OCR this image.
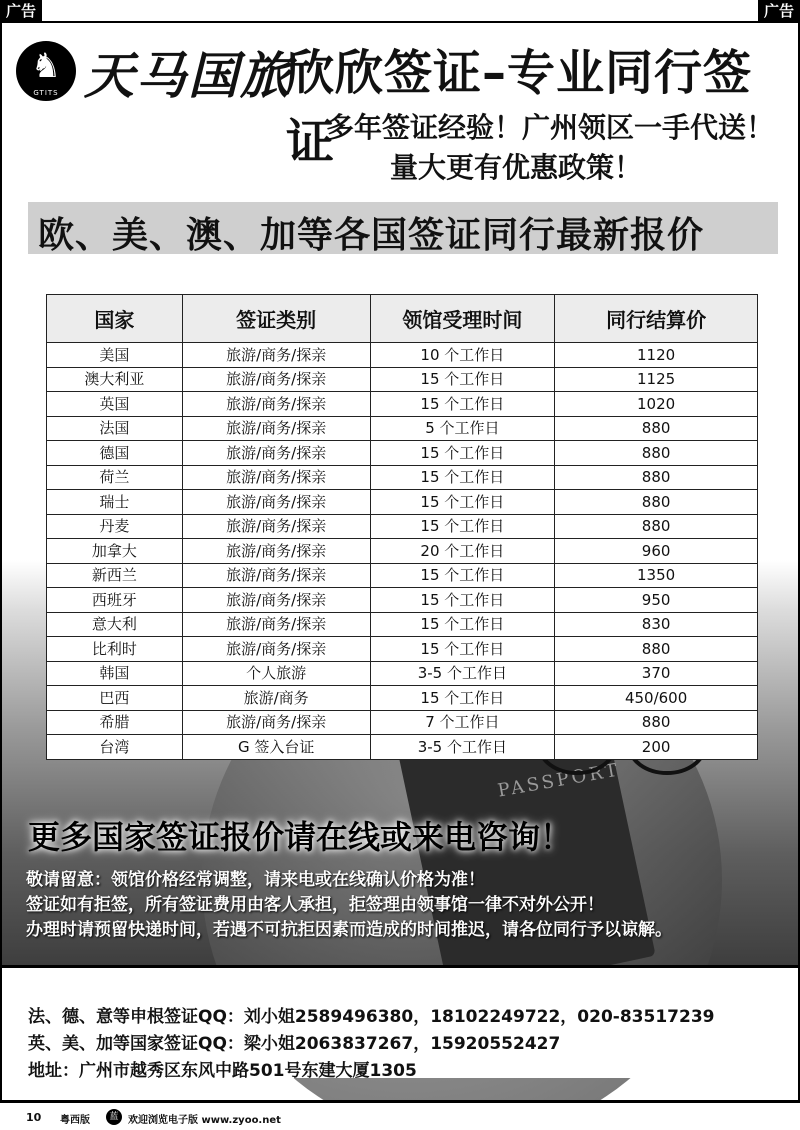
广告	广告
PASSPORT
♞
GTITS 天马国旅
欣欣签证–专业同行签证
多年签证经验！广州领区一手代送！
量大更有优惠政策！
欧、美、澳、加等各国签证同行最新报价
国家	签证类别	领馆受理时间	同行结算价
美国	旅游/商务/探亲	10 个工作日	1120
澳大利亚	旅游/商务/探亲	15 个工作日	1125
英国	旅游/商务/探亲	15 个工作日	1020
法国	旅游/商务/探亲	5 个工作日	880
德国	旅游/商务/探亲	15 个工作日	880
荷兰	旅游/商务/探亲	15 个工作日	880
瑞士	旅游/商务/探亲	15 个工作日	880
丹麦	旅游/商务/探亲	15 个工作日	880
加拿大	旅游/商务/探亲	20 个工作日	960
新西兰	旅游/商务/探亲	15 个工作日	1350
西班牙	旅游/商务/探亲	15 个工作日	950
意大利	旅游/商务/探亲	15 个工作日	830
比利时	旅游/商务/探亲	15 个工作日	880
韩国	个人旅游	3-5 个工作日	370
巴西	旅游/商务	15 个工作日	450/600
希腊	旅游/商务/探亲	7 个工作日	880
台湾	G 签入台证	3-5 个工作日	200
更多国家签证报价请在线或来电咨询！
敬请留意：领馆价格经常调整，请来电或在线确认价格为准！
签证如有拒签，所有签证费用由客人承担，拒签理由领事馆一律不对外公开！
办理时请预留快递时间，若遇不可抗拒因素而造成的时间推迟，请各位同行予以谅解。
法、德、意等申根签证QQ：刘小姐2589496380，18102249722，020-83517239
英、美、加等国家签证QQ：梁小姐2063837267，15920552427
地址：广州市越秀区东风中路501号东建大厦1305
10 粤西版	蓝 欢迎浏览电子版 www.zyoo.net
